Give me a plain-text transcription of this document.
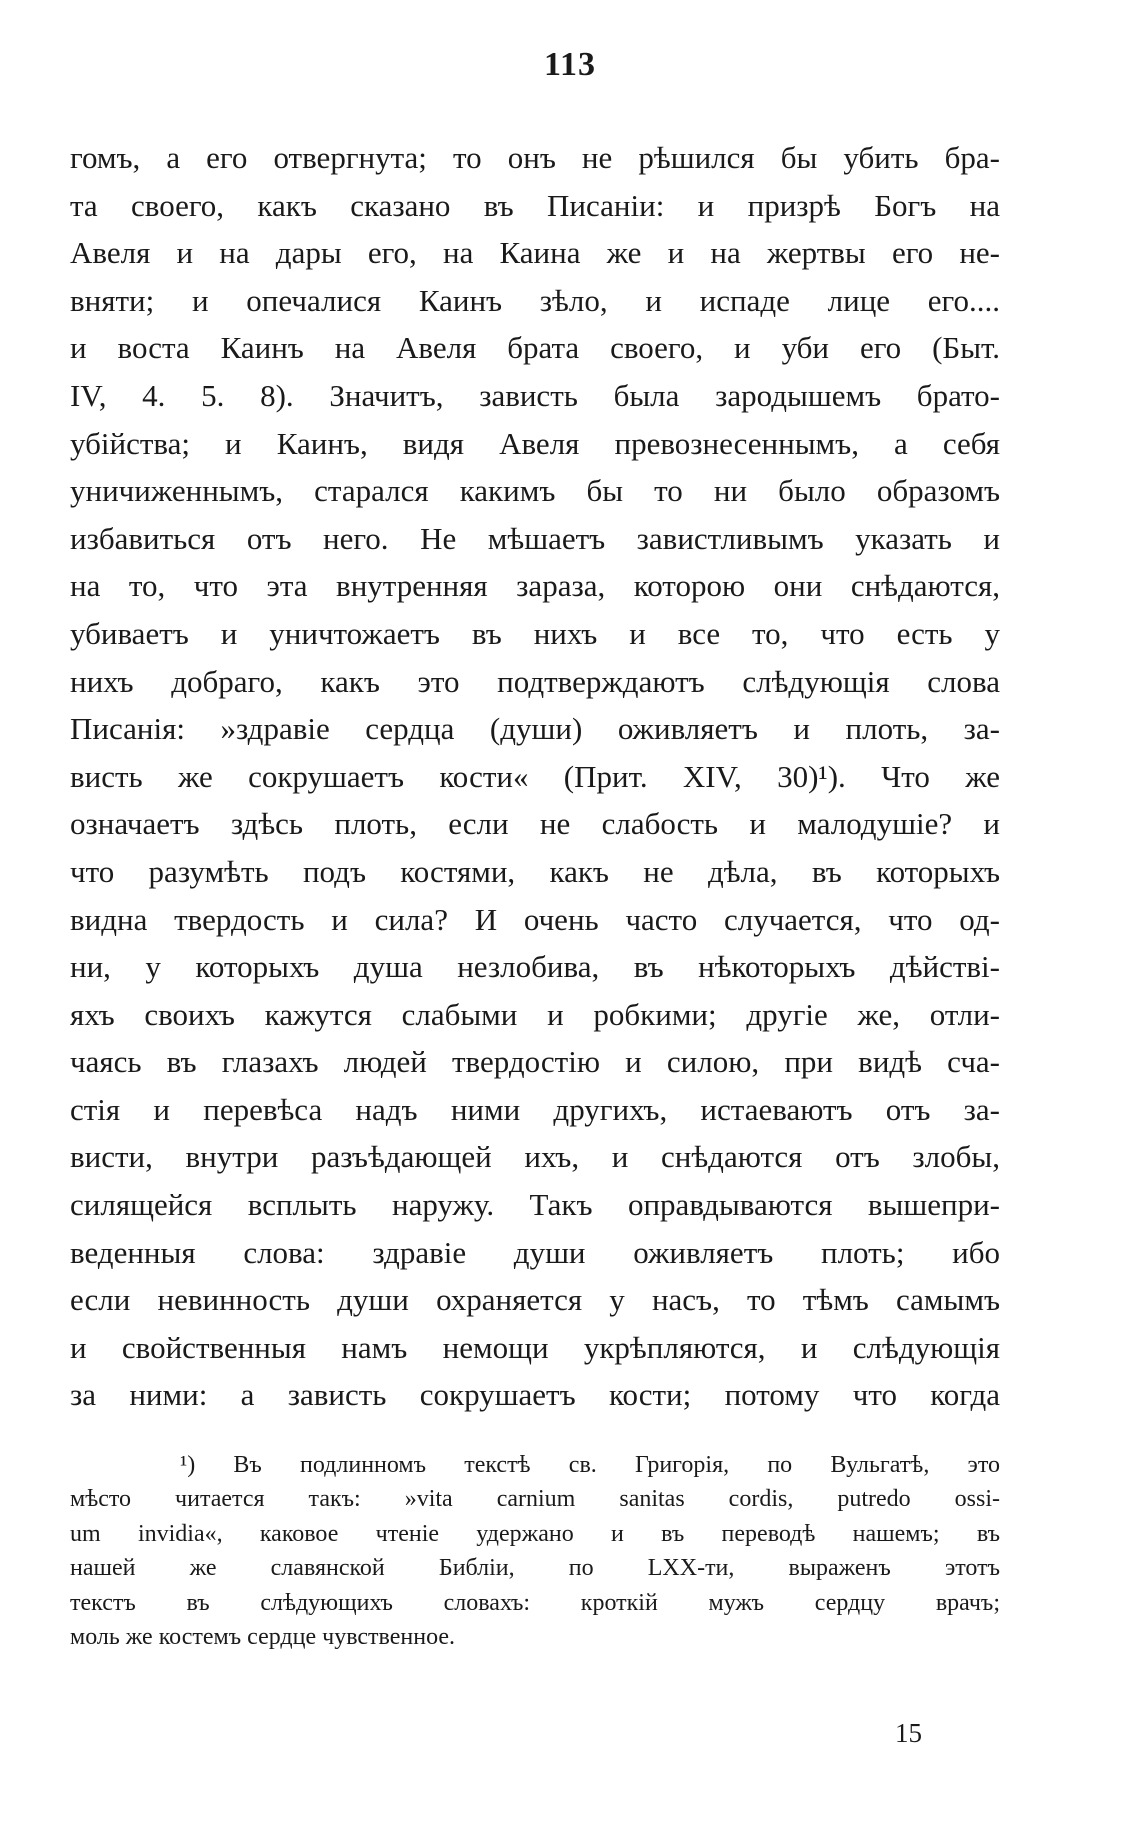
113
гомъ, а его отвергнута; то онъ не рѣшился бы убить бра-
та своего, какъ сказано въ Писаніи: и призрѣ Богъ на
Авеля и на дары его, на Каина же и на жертвы его не-
вняти; и опечалися Каинъ зѣло, и испаде лице его....
и воста Каинъ на Авеля брата своего, и уби его (Быт.
IV, 4. 5. 8). Значитъ, зависть была зародышемъ брато-
убійства; и Каинъ, видя Авеля превознесеннымъ, а себя
уничиженнымъ, старался какимъ бы то ни было образомъ
избавиться отъ него. Не мѣшаетъ завистливымъ указать и
на то, что эта внутренняя зараза, которою они снѣдаются,
убиваетъ и уничтожаетъ въ нихъ и все то, что есть у
нихъ добраго, какъ это подтверждаютъ слѣдующія слова
Писанія: »здравіе сердца (души) оживляетъ и плоть, за-
висть же сокрушаетъ кости« (Прит. XIV, 30)¹). Что же
означаетъ здѣсь плоть, если не слабость и малодушіе? и
что разумѣть подъ костями, какъ не дѣла, въ которыхъ
видна твердость и сила? И очень часто случается, что од-
ни, у которыхъ душа незлобива, въ нѣкоторыхъ дѣйстві-
яхъ своихъ кажутся слабыми и робкими; другіе же, отли-
чаясь въ глазахъ людей твердостію и силою, при видѣ сча-
стія и перевѣса надъ ними другихъ, истаеваютъ отъ за-
висти, внутри разъѣдающей ихъ, и снѣдаются отъ злобы,
силящейся всплыть наружу. Такъ оправдываются вышепри-
веденныя слова: здравіе души оживляетъ плоть; ибо
если невинность души охраняется у насъ, то тѣмъ самымъ
и свойственныя намъ немощи укрѣпляются, и слѣдующія
за ними: а зависть сокрушаетъ кости; потому что когда
¹) Въ подлинномъ текстѣ св. Григорія, по Вульгатѣ, это
мѣсто читается такъ: »vita carnium sanitas cordis, putredo ossi-
um invidia«, каковое чтеніе удержано и въ переводѣ нашемъ; въ
нашей же славянской Библіи, по LXX-ти, выраженъ этотъ
текстъ въ слѣдующихъ словахъ: кроткій мужъ сердцу врачъ;
моль же костемъ сердце чувственное.
15
